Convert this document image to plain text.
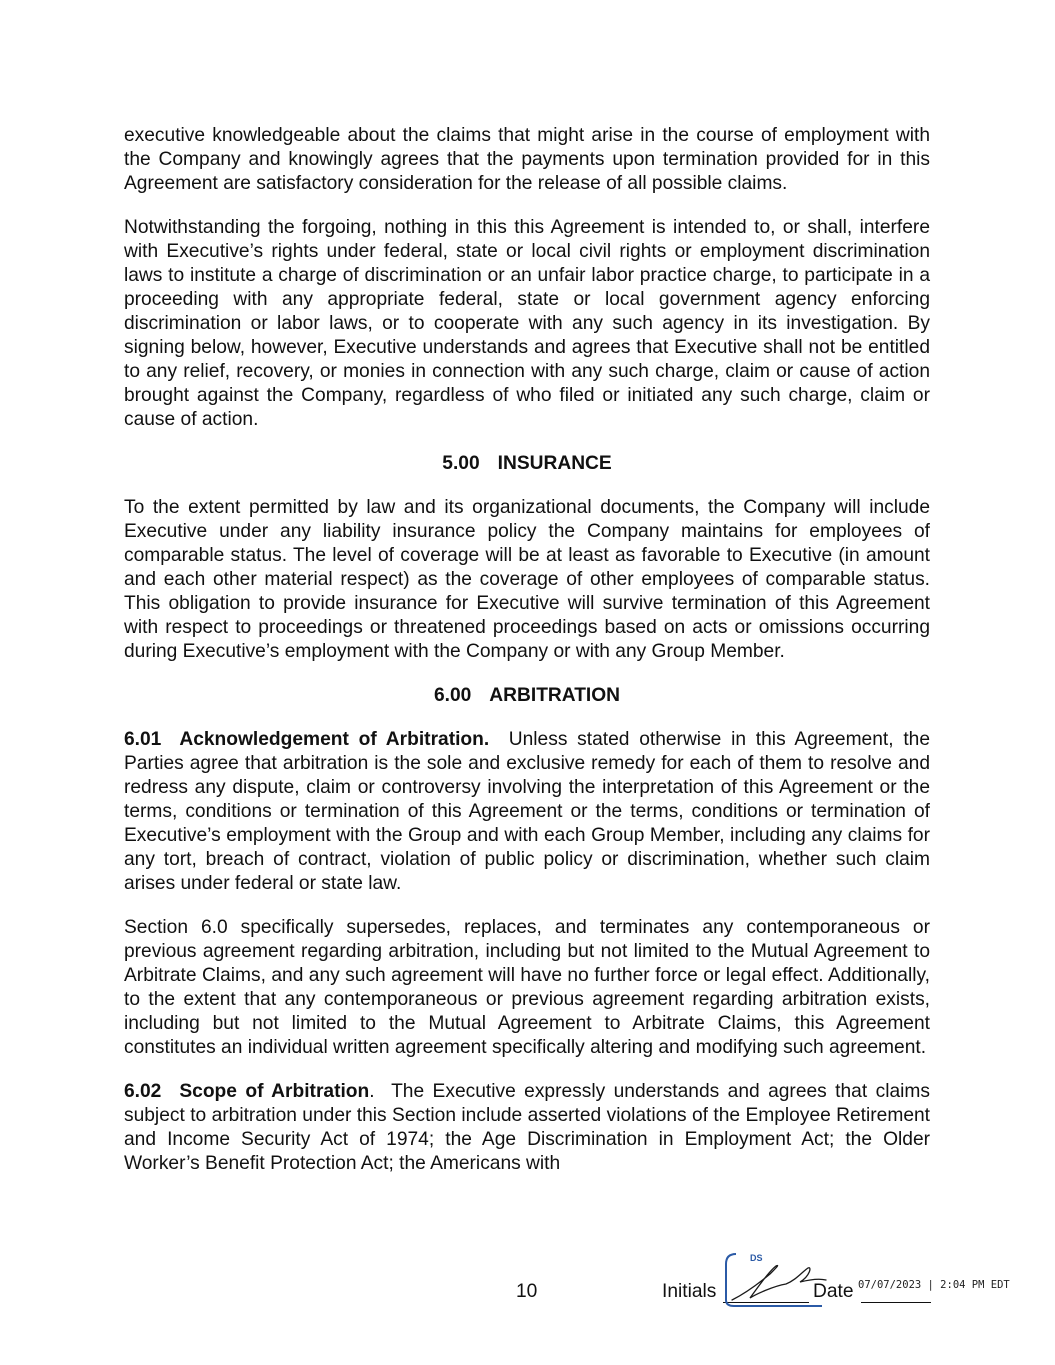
executive knowledgeable about the claims that might arise in the course of employment with the Company and knowingly agrees that the payments upon termination provided for in this Agreement are satisfactory consideration for the release of all possible claims.

Notwithstanding the forgoing, nothing in this this Agreement is intended to, or shall, interfere with Executive’s rights under federal, state or local civil rights or employment discrimination laws to institute a charge of discrimination or an unfair labor practice charge, to participate in a proceeding with any appropriate federal, state or local government agency enforcing discrimination or labor laws, or to cooperate with any such agency in its investigation. By signing below, however, Executive understands and agrees that Executive shall not be entitled to any relief, recovery, or monies in connection with any such charge, claim or cause of action brought against the Company, regardless of who filed or initiated any such charge, claim or cause of action.

5.00 INSURANCE

To the extent permitted by law and its organizational documents, the Company will include Executive under any liability insurance policy the Company maintains for employees of comparable status. The level of coverage will be at least as favorable to Executive (in amount and each other material respect) as the coverage of other employees of comparable status. This obligation to provide insurance for Executive will survive termination of this Agreement with respect to proceedings or threatened proceedings based on acts or omissions occurring during Executive’s employment with the Company or with any Group Member.

6.00 ARBITRATION

6.01 Acknowledgement of Arbitration. Unless stated otherwise in this Agreement, the Parties agree that arbitration is the sole and exclusive remedy for each of them to resolve and redress any dispute, claim or controversy involving the interpretation of this Agreement or the terms, conditions or termination of this Agreement or the terms, conditions or termination of Executive’s employment with the Group and with each Group Member, including any claims for any tort, breach of contract, violation of public policy or discrimination, whether such claim arises under federal or state law.

Section 6.0 specifically supersedes, replaces, and terminates any contemporaneous or previous agreement regarding arbitration, including but not limited to the Mutual Agreement to Arbitrate Claims, and any such agreement will have no further force or legal effect. Additionally, to the extent that any contemporaneous or previous agreement regarding arbitration exists, including but not limited to the Mutual Agreement to Arbitrate Claims, this Agreement constitutes an individual written agreement specifically altering and modifying such agreement.

6.02 Scope of Arbitration.  The Executive expressly understands and agrees that claims subject to arbitration under this Section include asserted violations of the Employee Retirement and Income Security Act of 1974; the Age Discrimination in Employment Act; the Older Worker’s Benefit Protection Act; the Americans with

10	Initials
DS
Date 07/07/2023 | 2:04 PM EDT
